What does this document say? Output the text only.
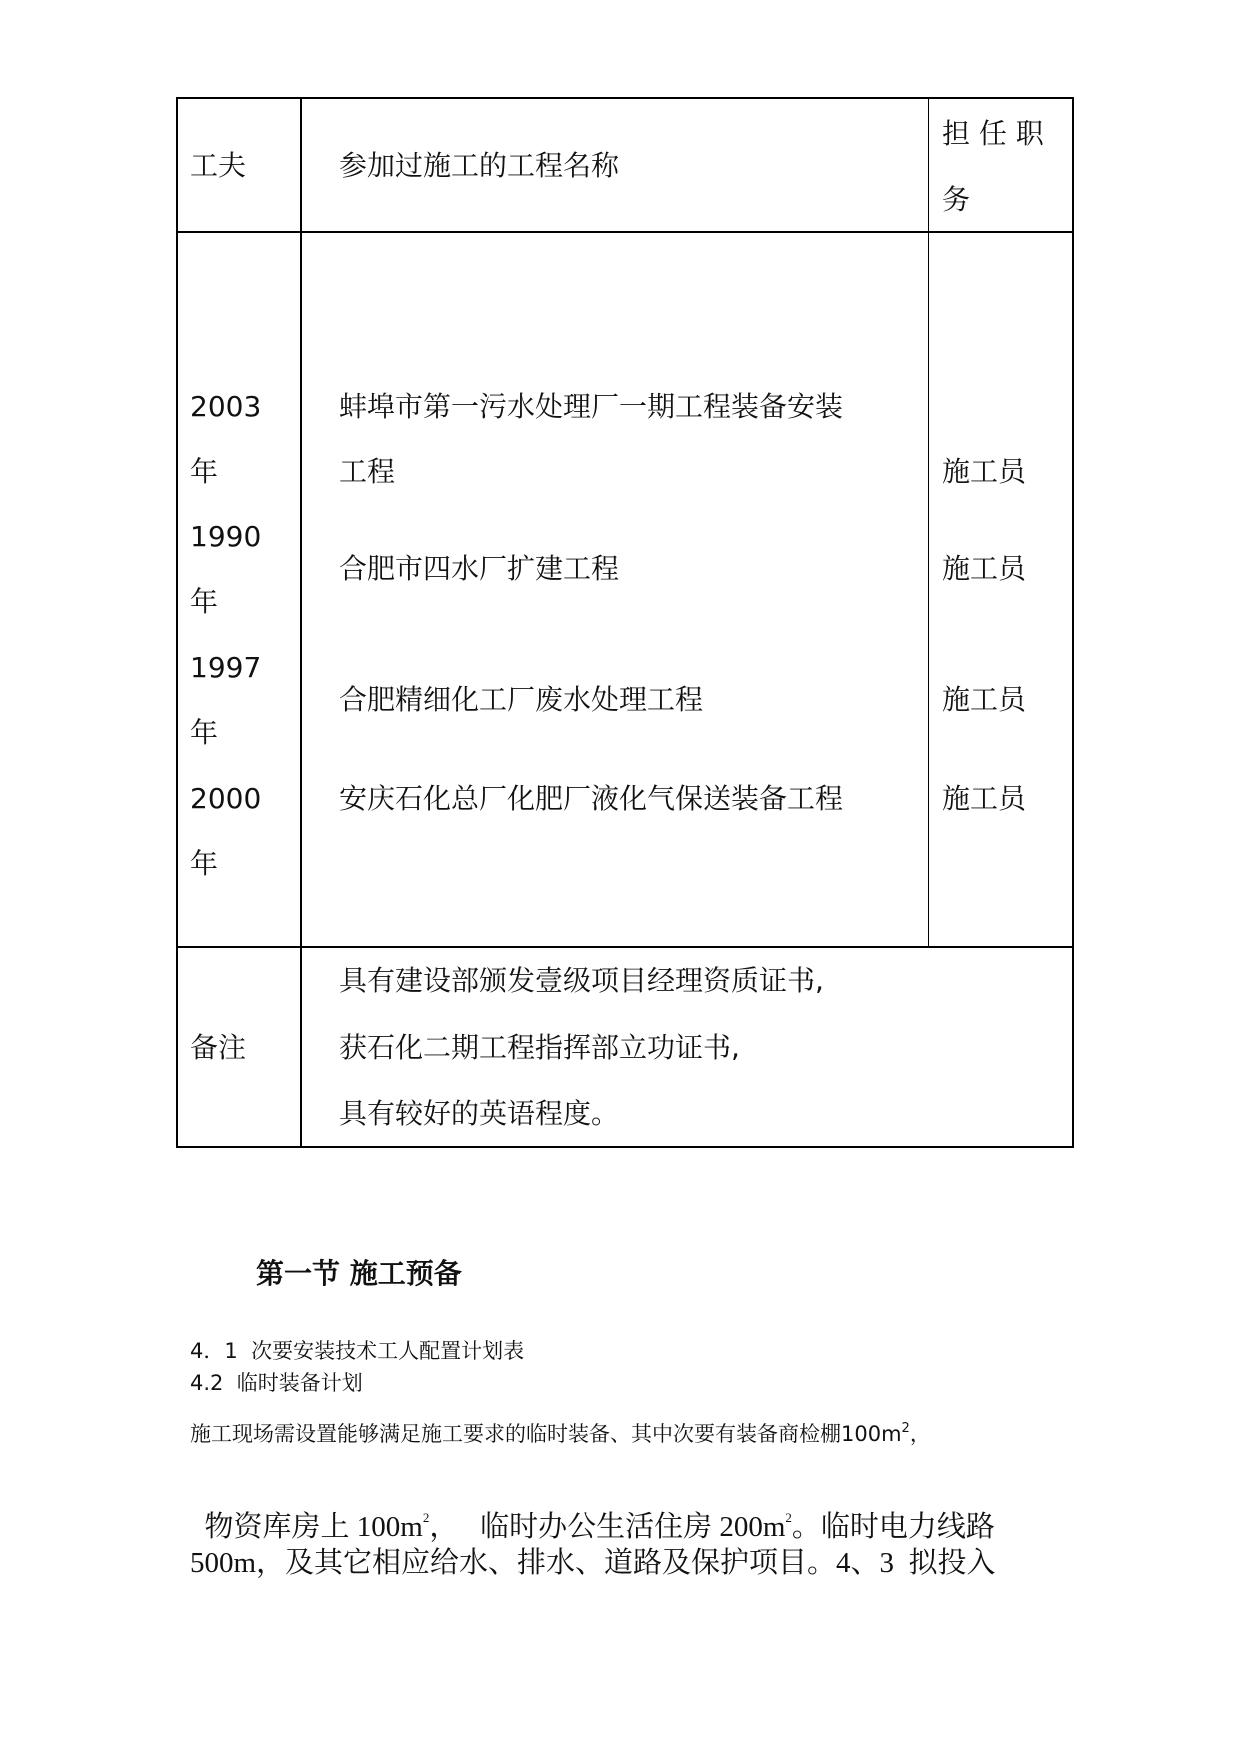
工夫	参加过施工的工程名称
担 任 职
务
2003
年
1990
年
1997
年
2000
年
蚌埠市第一污水处理厂一期工程装备安装
工程
合肥市四水厂扩建工程
合肥精细化工厂废水处理工程
安庆石化总厂化肥厂液化气保送装备工程
施工员
施工员
施工员
施工员
备注
具有建设部颁发壹级项目经理资质证书,
获石化二期工程指挥部立功证书,
具有较好的英语程度。
第一节 施工预备
4．1  次要安装技术工人配置计划表
4.2  临时装备计划
施工现场需设置能够满足施工要求的临时装备、其中次要有装备商检棚$100m^2$，

物资库房上 $100m^2$，   临时办公生活住房 $200m^2$。临时电力线路

500m，及其它相应给水、排水、道路及保护项目。4、3  拟投入
